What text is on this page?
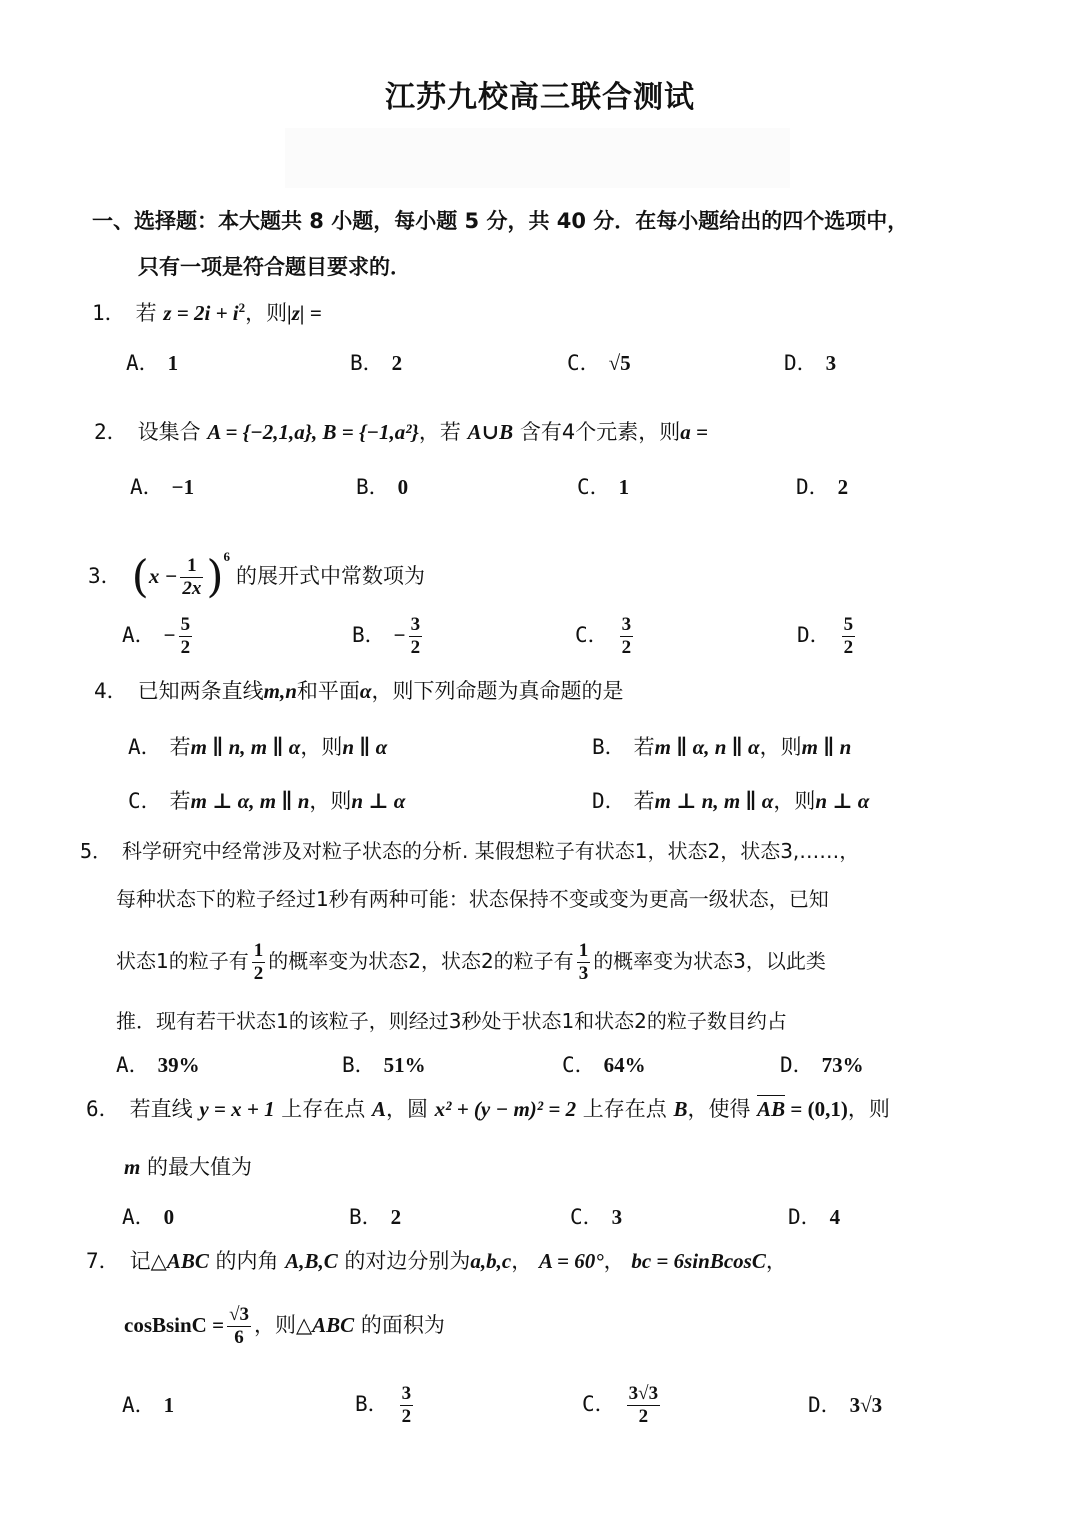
江苏九校高三联合测试
一、选择题：本大题共 8 小题，每小题 5 分，共 40 分．在每小题给出的四个选项中，
只有一项是符合题目要求的．
1． 若 $z = 2i + i^2$，则|z| =
A． 1	B． 2	C． √5	D． 3
2． 设集合 A = {−2,1,a}, B = {−1,a²}，若 A∪B 含有4个元素，则a =
A． −1	B． 0	C． 1	D． 2
3． $(x - \frac{1}{2x} )^6$的展开式中常数项为
A． − $\frac{5}{2}$	B． − $\frac{3}{2}$	C． $\frac{3}{2}$	D． $\frac{5}{2}$
4． 已知两条直线m,n和平面α，则下列命题为真命题的是
A． 若m ∥ n, m ∥ α，则n ∥ α	B． 若m ∥ α, n ∥ α，则m ∥ n
C． 若m ⊥ α, m ∥ n，则n ⊥ α	D． 若m ⊥ n, m ∥ α，则n ⊥ α
5． 科学研究中经常涉及对粒子状态的分析. 某假想粒子有状态1，状态2，状态3,……，
每种状态下的粒子经过1秒有两种可能：状态保持不变或变为更高一级状态，已知
状态1的粒子有 $\frac{1}{2}$ 的概率变为状态2，状态2的粒子有 $\frac{1}{3}$ 的概率变为状态3，以此类
推．现有若干状态1的该粒子，则经过3秒处于状态1和状态2的粒子数目约占
A． 39%	B． 51%	C． 64%	D． 73%
6． 若直线 y = x + 1 上存在点 A，圆 x² + (y − m)² = 2 上存在点 B，使得 AB = (0,1)，则
m 的最大值为
A． 0	B． 2	C． 3	D． 4
7． 记△ABC 的内角 A,B,C 的对边分别为a,b,c， A = 60°， bc = 6sinBcosC，
cosBsinC = $\frac{√3}{6}$ ，则△ABC 的面积为
A． 1	B． $\frac{3}{2}$	C． $\frac{3√3}{2}$	D． 3√3
